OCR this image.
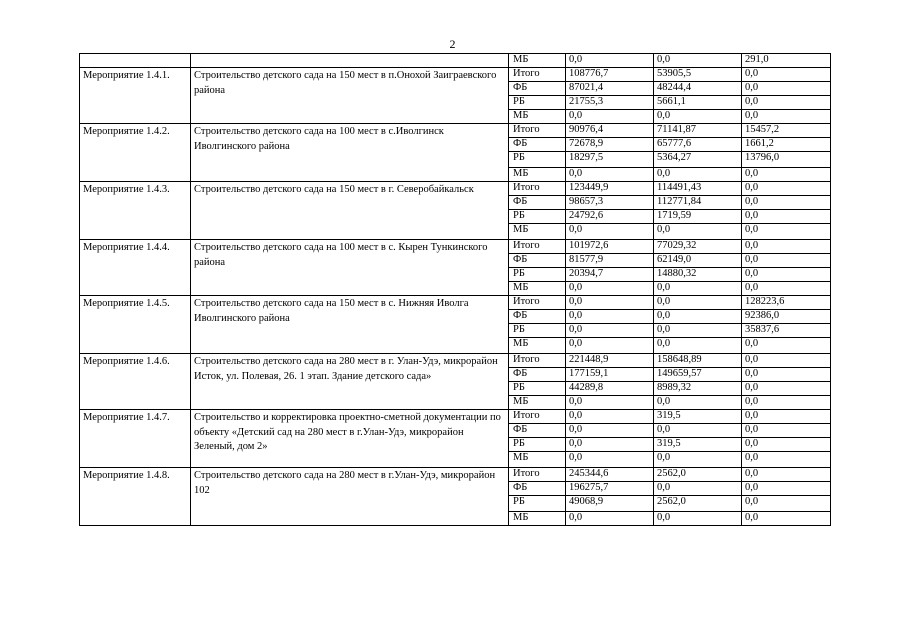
2
		МБ	0,0	0,0	291,0
Мероприятие 1.4.1.	Строительство детского сада на 150 мест в п.Онохой Заиграевского района	Итого	108776,7	53905,5	0,0
		ФБ	87021,4	48244,4	0,0
		РБ	21755,3	5661,1	0,0
		МБ	0,0	0,0	0,0
Мероприятие 1.4.2.	Строительство детского сада на 100 мест в с.Иволгинск Иволгинского района	Итого	90976,4	71141,87	15457,2
		ФБ	72678,9	65777,6	1661,2
		РБ	18297,5	5364,27	13796,0
		МБ	0,0	0,0	0,0
Мероприятие 1.4.3.	Строительство детского сада на 150 мест в г. Северобайкальск	Итого	123449,9	114491,43	0,0
		ФБ	98657,3	112771,84	0,0
		РБ	24792,6	1719,59	0,0
		МБ	0,0	0,0	0,0
Мероприятие 1.4.4.	Строительство детского сада на 100 мест в с. Кырен Тункинского района	Итого	101972,6	77029,32	0,0
		ФБ	81577,9	62149,0	0,0
		РБ	20394,7	14880,32	0,0
		МБ	0,0	0,0	0,0
Мероприятие 1.4.5.	Строительство детского сада на 150 мест в с. Нижняя Иволга Иволгинского района	Итого	0,0	0,0	128223,6
		ФБ	0,0	0,0	92386,0
		РБ	0,0	0,0	35837,6
		МБ	0,0	0,0	0,0
Мероприятие 1.4.6.	Строительство детского сада на 280 мест в г. Улан-Удэ, микрорайон Исток, ул. Полевая, 26. 1 этап. Здание детского сада»	Итого	221448,9	158648,89	0,0
		ФБ	177159,1	149659,57	0,0
		РБ	44289,8	8989,32	0,0
		МБ	0,0	0,0	0,0
Мероприятие 1.4.7.	Строительство и корректировка проектно-сметной документации по объекту «Детский сад на 280 мест в г.Улан-Удэ, микрорайон Зеленый, дом 2»	Итого	0,0	319,5	0,0
		ФБ	0,0	0,0	0,0
		РБ	0,0	319,5	0,0
		МБ	0,0	0,0	0,0
Мероприятие 1.4.8.	Строительство детского сада на 280 мест в г.Улан-Удэ, микрорайон 102	Итого	245344,6	2562,0	0,0
		ФБ	196275,7	0,0	0,0
		РБ	49068,9	2562,0	0,0
		МБ	0,0	0,0	0,0
